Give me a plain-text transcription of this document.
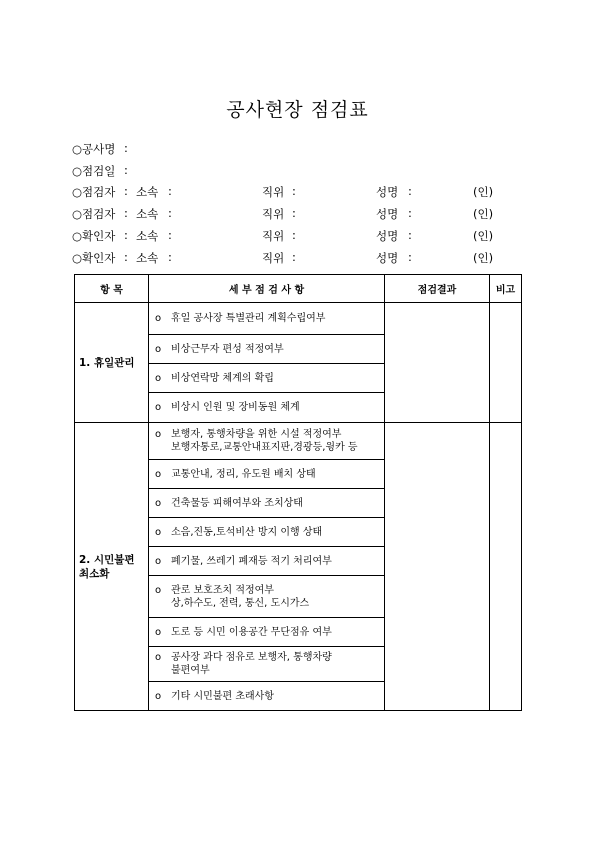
공사현장 점검표
○공사명 :
○점검일 :
○점검자 : 소속 :	직위 :	성명 :	(인)
○점검자 : 소속 :	직위 :	성명 :	(인)
○확인자 : 소속 :	직위 :	성명 :	(인)
○확인자 : 소속 :	직위 :	성명 :	(인)
항 목	세 부 점 검 사 항	점검결과	비고

1. 휴일관리	o 휴일 공사장 특별관리 계획수립여부		
	o 비상근무자 편성 적정여부		
	o 비상연락망 체계의 확립		
	o 비상시 인원 및 장비동원 체계		

2. 시민불편
최소화	o 보행자, 통행차량을 위한 시설 적정여부
보행자통로,교통안내표지판,경광등,윙카 등		

	o 교통안내, 정리, 유도원 배치 상태		
	o 건축물등 피해여부와 조치상태		
	o 소음,진동,토석비산 방지 이행 상태		
	o 폐기물, 쓰레기 폐재등 적기 처리여부		
	o 관로 보호조치 적정여부
상,하수도, 전력, 통신, 도시가스		

	o 도로 등 시민 이용공간 무단점유 여부		
	o 공사장 과다 점유로 보행자, 통행차량
불편여부		

	o 기타 시민불편 초래사항		
